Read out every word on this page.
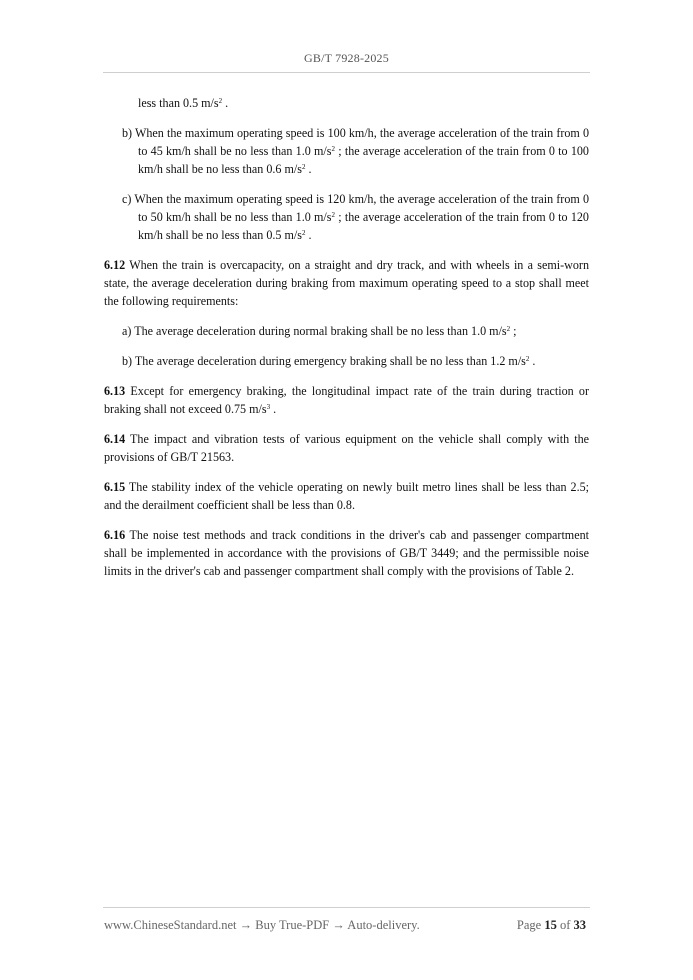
GB/T 7928-2025

less than 0.5 $m/s^2$ .

b) When the maximum operating speed is 100 km/h, the average acceleration of the train from 0 to 45 km/h shall be no less than 1.0 $m/s^2$ ; the average acceleration of the train from 0 to 100 km/h shall be no less than 0.6 $m/s^2$ .

c) When the maximum operating speed is 120 km/h, the average acceleration of the train from 0 to 50 km/h shall be no less than 1.0 $m/s^2$ ; the average acceleration of the train from 0 to 120 km/h shall be no less than 0.5 $m/s^2$ .

6.12 When the train is overcapacity, on a straight and dry track, and with wheels in a semi-worn state, the average deceleration during braking from maximum operating speed to a stop shall meet the following requirements:

a) The average deceleration during normal braking shall be no less than 1.0 $m/s^2$ ;

b) The average deceleration during emergency braking shall be no less than 1.2 $m/s^2$ .

6.13 Except for emergency braking, the longitudinal impact rate of the train during traction or braking shall not exceed 0.75 $m/s^3$ .

6.14 The impact and vibration tests of various equipment on the vehicle shall comply with the provisions of GB/T 21563.

6.15 The stability index of the vehicle operating on newly built metro lines shall be less than 2.5; and the derailment coefficient shall be less than 0.8.

6.16 The noise test methods and track conditions in the driver's cab and passenger compartment shall be implemented in accordance with the provisions of GB/T 3449; and the permissible noise limits in the driver's cab and passenger compartment shall comply with the provisions of Table 2.

www.ChineseStandard.net → Buy True-PDF → Auto-delivery.	Page 15 of 33
